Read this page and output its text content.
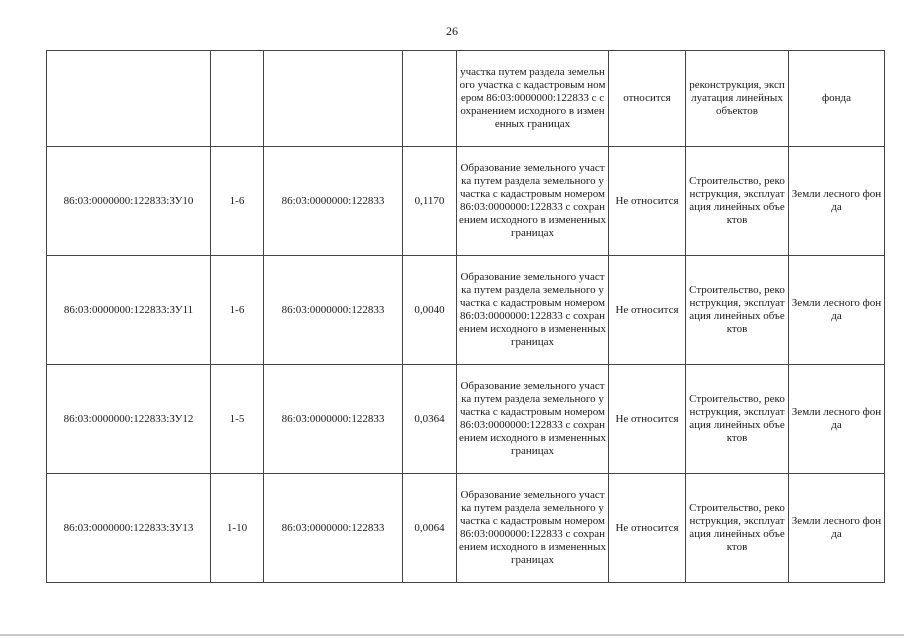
26
				участка путем раздела земельного участка с кадастровым номером 86:03:0000000:122833 с сохранением исходного в измененных границах	относится	реконструкция, эксплуатация линейных объектов	фонда
86:03:0000000:122833:ЗУ10	1-6	86:03:0000000:122833	0,1170	Образование земельного участка путем раздела земельного участка с кадастровым номером 86:03:0000000:122833 с сохранением исходного в измененных границах	Не относится	Строительство, реконструкция, эксплуатация линейных объектов	Земли лесного фонда
86:03:0000000:122833:ЗУ11	1-6	86:03:0000000:122833	0,0040	Образование земельного участка путем раздела земельного участка с кадастровым номером 86:03:0000000:122833 с сохранением исходного в измененных границах	Не относится	Строительство, реконструкция, эксплуатация линейных объектов	Земли лесного фонда
86:03:0000000:122833:ЗУ12	1-5	86:03:0000000:122833	0,0364	Образование земельного участка путем раздела земельного участка с кадастровым номером 86:03:0000000:122833 с сохранением исходного в измененных границах	Не относится	Строительство, реконструкция, эксплуатация линейных объектов	Земли лесного фонда
86:03:0000000:122833:ЗУ13	1-10	86:03:0000000:122833	0,0064	Образование земельного участка путем раздела земельного участка с кадастровым номером 86:03:0000000:122833 с сохранением исходного в измененных границах	Не относится	Строительство, реконструкция, эксплуатация линейных объектов	Земли лесного фонда
